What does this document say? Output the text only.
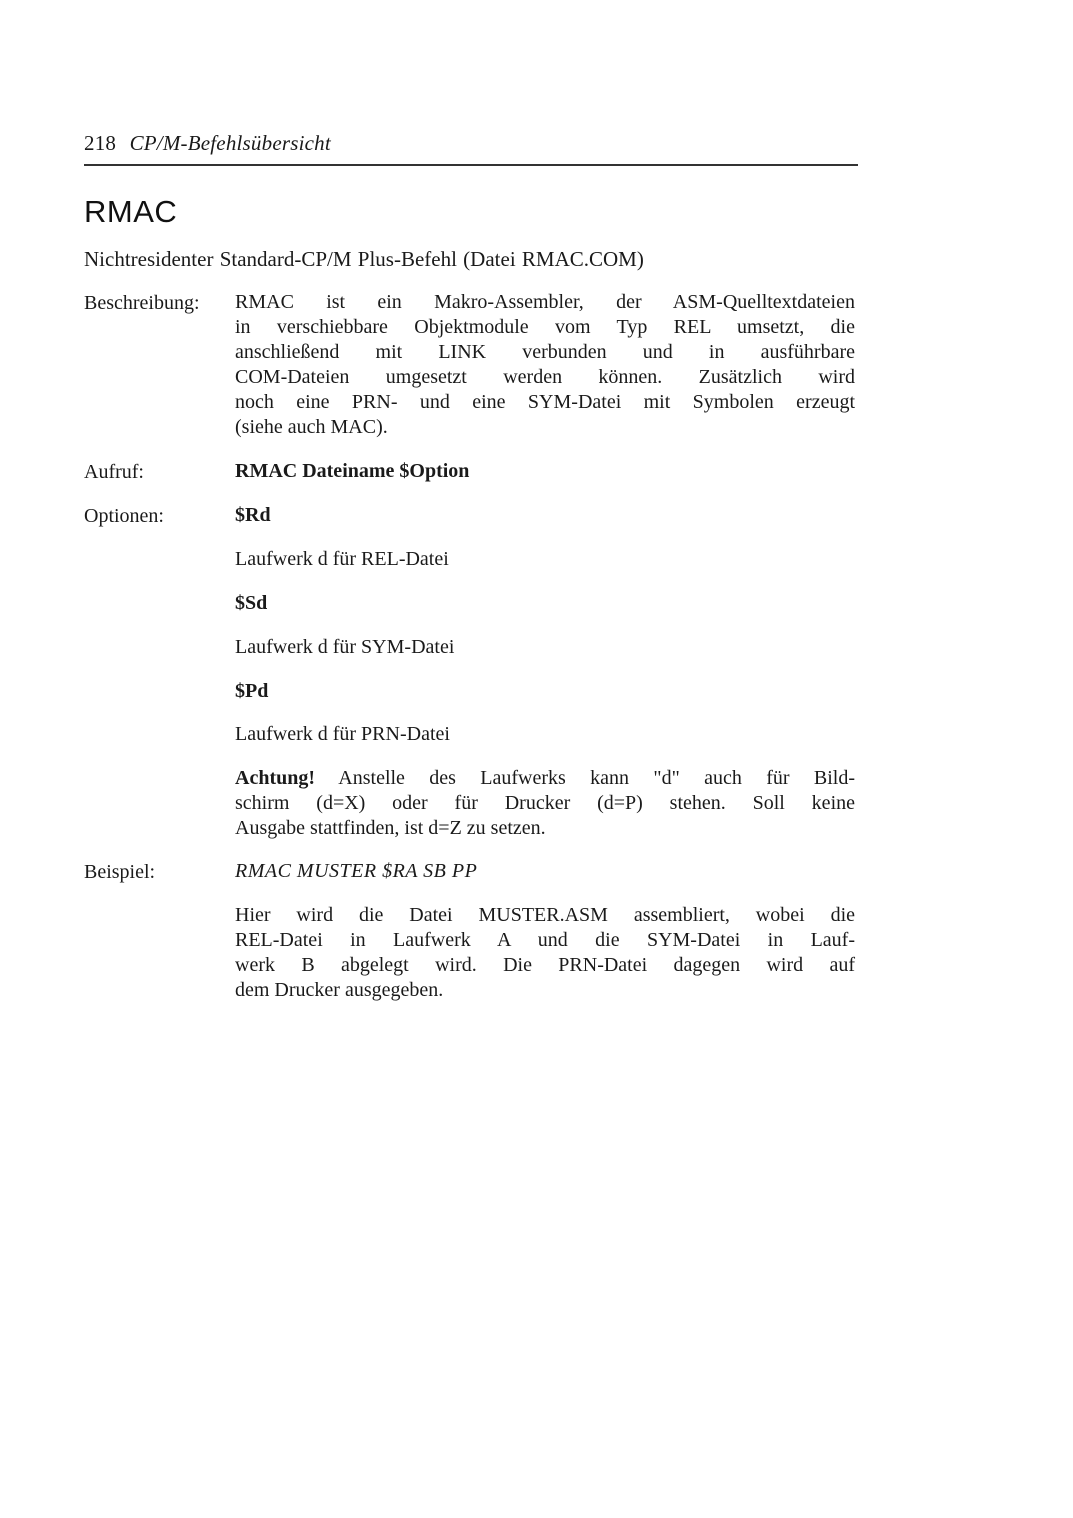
218 CP/M-Befehlsübersicht
RMAC
Nichtresidenter Standard-CP/M Plus-Befehl (Datei RMAC.COM)
Beschreibung: RMAC ist ein Makro-Assembler, der ASM-Quelltextdateien
in verschiebbare Objektmodule vom Typ REL umsetzt, die
anschließend mit LINK verbunden und in ausführbare
COM-Dateien umgesetzt werden können. Zusätzlich wird
noch eine PRN- und eine SYM-Datei mit Symbolen erzeugt
(siehe auch MAC).
Aufruf:	RMAC Dateiname $Option
Optionen:	$Rd
Laufwerk d für REL-Datei
$Sd
Laufwerk d für SYM-Datei
$Pd
Laufwerk d für PRN-Datei
Achtung! Anstelle des Laufwerks kann "d" auch für Bild-
schirm (d=X) oder für Drucker (d=P) stehen. Soll keine
Ausgabe stattfinden, ist d=Z zu setzen.
Beispiel:	RMAC MUSTER $RA SB PP
Hier wird die Datei MUSTER.ASM assembliert, wobei die
REL-Datei in Laufwerk A und die SYM-Datei in Lauf-
werk B abgelegt wird. Die PRN-Datei dagegen wird auf
dem Drucker ausgegeben.
